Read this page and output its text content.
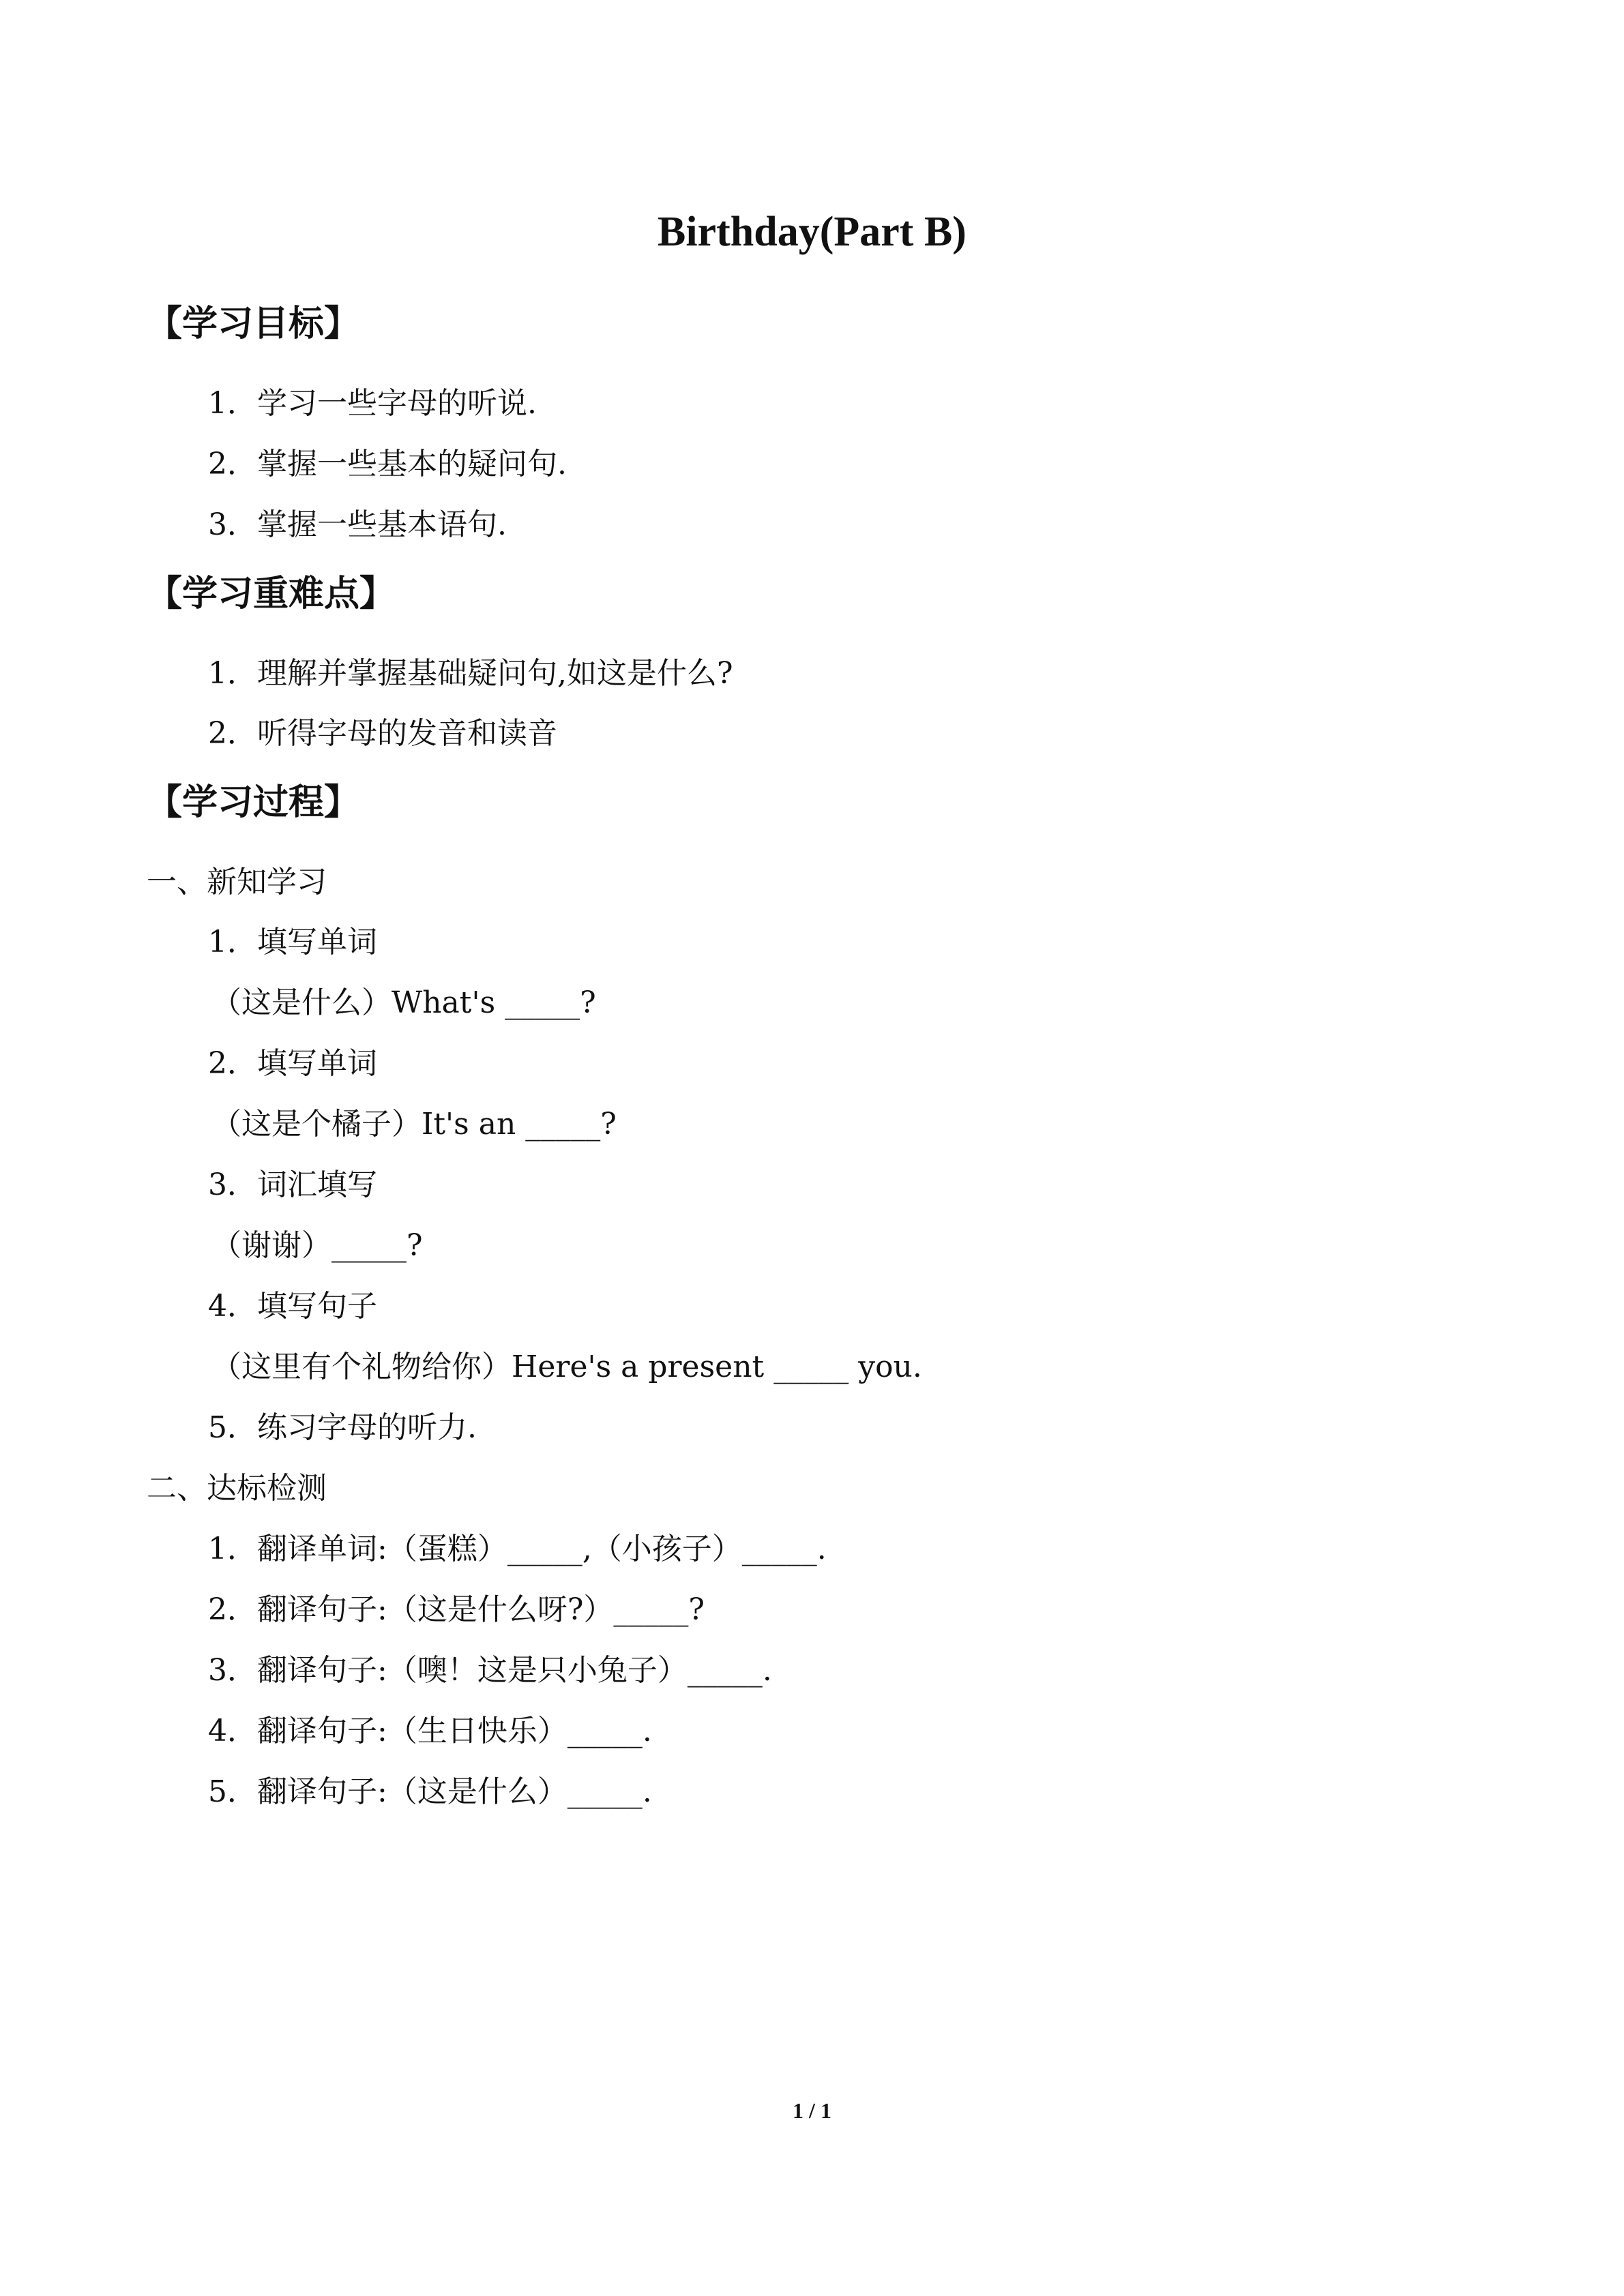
Birthday(Part B)
【学习目标】
1．学习一些字母的听说.
2．掌握一些基本的疑问句.
3．掌握一些基本语句.
【学习重难点】
1．理解并掌握基础疑问句,如这是什么?
2．听得字母的发音和读音
【学习过程】
一、新知学习
1．填写单词
（这是什么）What's _____?
2．填写单词
（这是个橘子）It's an _____?
3．词汇填写
（谢谢）_____?
4．填写句子
（这里有个礼物给你）Here's a present _____ you.
5．练习字母的听力.
二、达标检测
1．翻译单词:（蛋糕）_____,（小孩子）_____.
2．翻译句子:（这是什么呀?）_____?
3．翻译句子:（噢！这是只小兔子）_____.
4．翻译句子:（生日快乐）_____.
5．翻译句子:（这是什么）_____.
1 / 1
